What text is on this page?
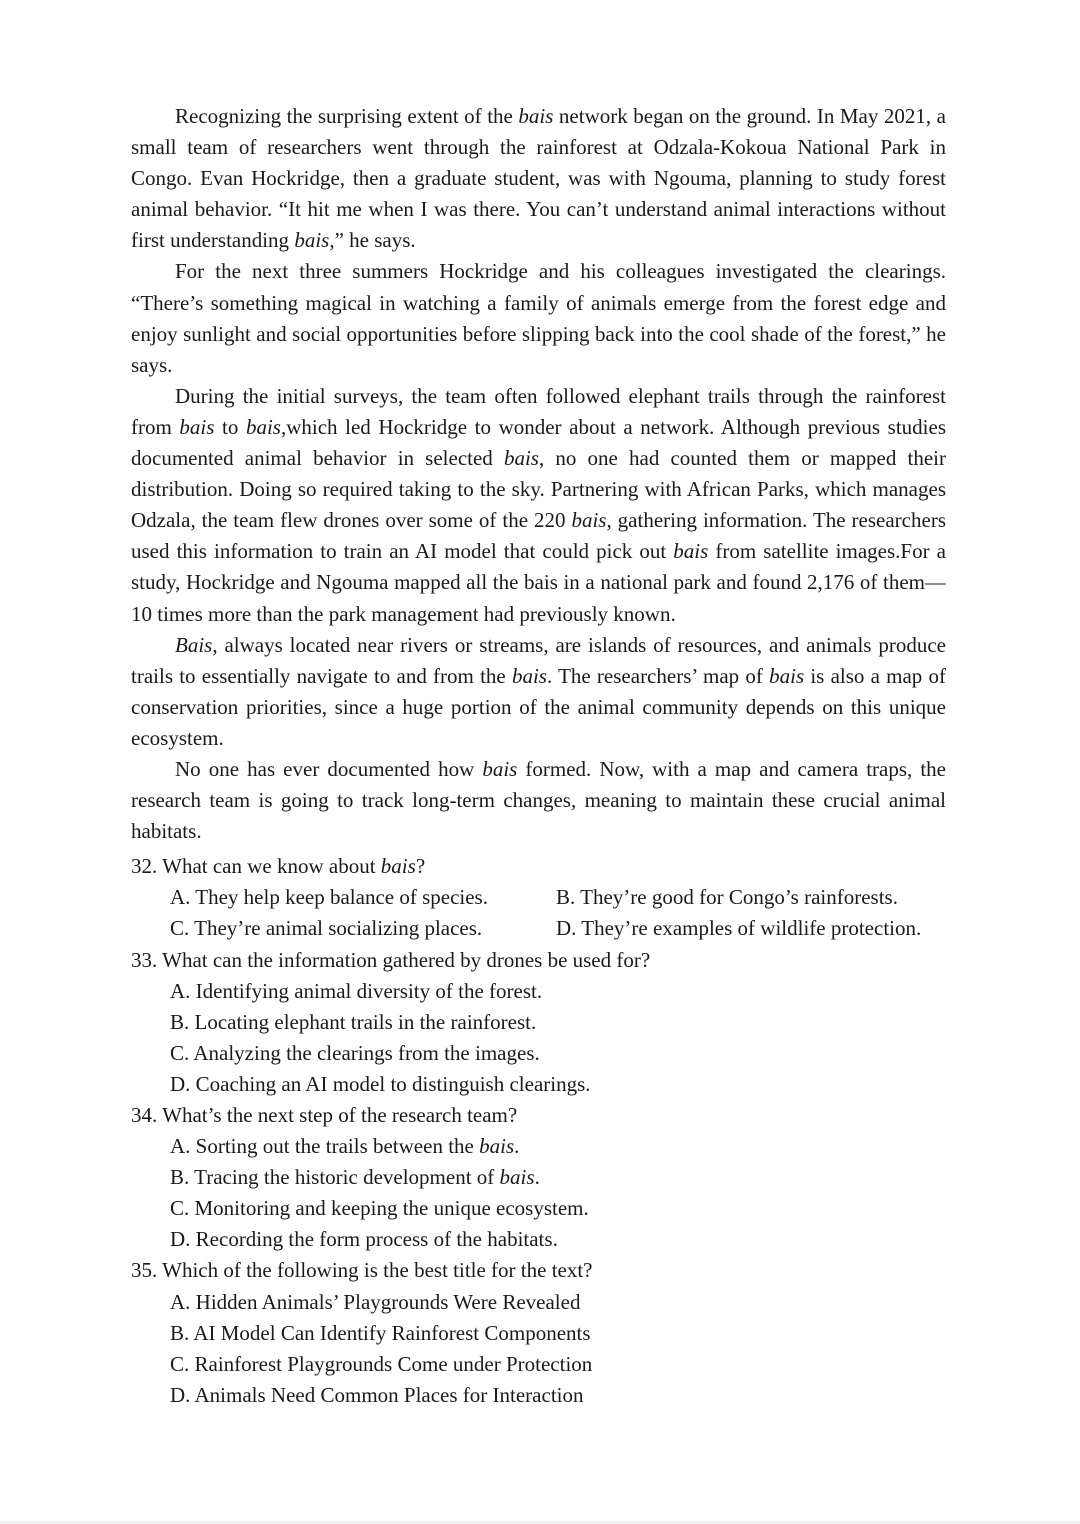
Recognizing the surprising extent of the bais network began on the ground. In May 2021, a small team of researchers went through the rainforest at Odzala-Kokoua National Park in Congo. Evan Hockridge, then a graduate student, was with Ngouma, planning to study forest animal behavior. “It hit me when I was there. You can’t understand animal interactions without first understanding bais,” he says.

For the next three summers Hockridge and his colleagues investigated the clearings. “There’s something magical in watching a family of animals emerge from the forest edge and enjoy sunlight and social opportunities before slipping back into the cool shade of the forest,” he says.

During the initial surveys, the team often followed elephant trails through the rainforest from bais to bais,which led Hockridge to wonder about a network. Although previous studies documented animal behavior in selected bais, no one had counted them or mapped their distribution. Doing so required taking to the sky. Partnering with African Parks, which manages Odzala, the team flew drones over some of the 220 bais, gathering information. The researchers used this information to train an AI model that could pick out bais from satellite images.For a study, Hockridge and Ngouma mapped all the bais in a national park and found 2,176 of them—10 times more than the park management had previously known.

Bais, always located near rivers or streams, are islands of resources, and animals produce trails to essentially navigate to and from the bais. The researchers’ map of bais is also a map of conservation priorities, since a huge portion of the animal community depends on this unique ecosystem.

No one has ever documented how bais formed. Now, with a map and camera traps, the research team is going to track long-term changes, meaning to maintain these crucial animal habitats.

32. What can we know about bais?

A. They help keep balance of species.	B. They’re good for Congo’s rainforests.

C. They’re animal socializing places.	D. They’re examples of wildlife protection.

33. What can the information gathered by drones be used for?

A. Identifying animal diversity of the forest.

B. Locating elephant trails in the rainforest.

C. Analyzing the clearings from the images.

D. Coaching an AI model to distinguish clearings.

34. What’s the next step of the research team?

A. Sorting out the trails between the bais.

B. Tracing the historic development of bais.

C. Monitoring and keeping the unique ecosystem.

D. Recording the form process of the habitats.

35. Which of the following is the best title for the text?

A. Hidden Animals’ Playgrounds Were Revealed

B. AI Model Can Identify Rainforest Components

C. Rainforest Playgrounds Come under Protection

D. Animals Need Common Places for Interaction
